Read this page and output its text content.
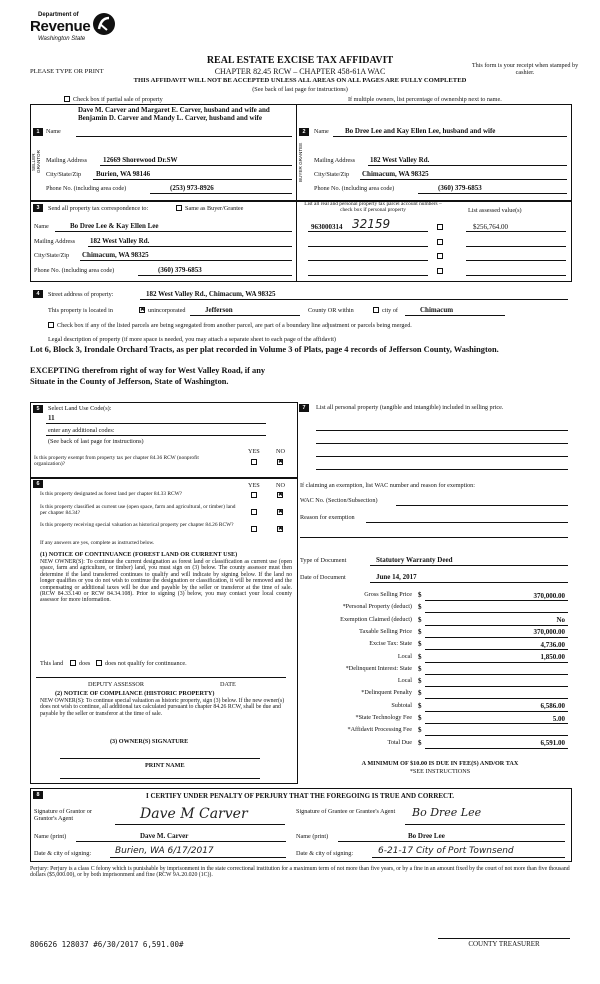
Department of
Revenue
Washington State
REAL ESTATE EXCISE TAX AFFIDAVIT
PLEASE TYPE OR PRINT	CHAPTER 82.45 RCW – CHAPTER 458-61A WAC
This form is your receipt when stamped by cashier.
THIS AFFIDAVIT WILL NOT BE ACCEPTED UNLESS ALL AREAS ON ALL PAGES ARE FULLY COMPLETED
(See back of last page for instructions)
Check box if partial sale of property	If multiple owners, list percentage of ownership next to name.
SELLER GRANTOR	BUYER GRANTEE
1
Dave M. Carver and Margaret E. Carver, husband and wife and Benjamin D. Carver and Mandy L. Carver, husband and wife
Name
Mailing Address 12669 Shorewood Dr.SW
City/State/Zip Burien, WA 98146
Phone No. (including area code)	(253) 973-8926
2	Name Bo Dree Lee and Kay Ellen Lee, husband and wife
Mailing Address 182 West Valley Rd.
City/State/Zip Chimacum, WA 98325
Phone No. (including area code)	(360) 379-6853
3	Send all property tax correspondence to:	Same as Buyer/Grantee
Name	Bo Dree Lee & Kay Ellen Lee
Mailing Address 182 West Valley Rd.
City/State/Zip Chimacum, WA 98325
Phone No. (including area code)	(360) 379-6853
List all real and personal property tax parcel account numbers – check box if personal property	List assessed value(s)
963000314 32159	$256,764.00
4	Street address of property:	182 West Valley Rd., Chimacum, WA 98325
This property is located in	✖ unincorporated	Jefferson	County OR within	city of	Chimacum
Check box if any of the listed parcels are being segregated from another parcel, are part of a boundary line adjustment or parcels being merged.
Legal description of property (if more space is needed, you may attach a separate sheet to each page of the affidavit)
Lot 6, Block 3, Irondale Orchard Tracts, as per plat recorded in Volume 3 of Plats, page 4 records of Jefferson County, Washington.
EXCEPTING therefrom right of way for West Valley Road, if any
Situate in the County of Jefferson, State of Washington.
5	Select Land Use Code(s):
11
enter any additional codes:
(See back of last page for instructions)
YES	NO
Is this property exempt from property tax per chapter 84.36 RCW (nonprofit organization)?	✖
7	List all personal property (tangible and intangible) included in selling price.
6	YES	NO
Is this property designated as forest land per chapter 84.33 RCW?	✖
Is this property classified as current use (open space, farm and agricultural, or timber) land per chapter 84.34?	✖
Is this property receiving special valuation as historical property per chapter 84.26 RCW?
✖
If any answers are yes, complete as instructed below.
(1) NOTICE OF CONTINUANCE (FOREST LAND OR CURRENT USE)
NEW OWNER(S): To continue the current designation as forest land or classification as current use (open space, farm and agriculture, or timber) land, you must sign on (3) below. The county assessor must then determine if the land transferred continues to qualify and will indicate by signing below. If the land no longer qualifies or you do not wish to continue the designation or classification, it will be removed and the compensating or additional taxes will be due and payable by the seller or transferor at the time of sale. (RCW 84.33.140 or RCW 84.34.108). Prior to signing (3) below, you may contact your local county assessor for more information.
This land	does does not qualify for continuance.
DEPUTY ASSESSOR	DATE
(2) NOTICE OF COMPLIANCE (HISTORIC PROPERTY)
NEW OWNER(S): To continue special valuation as historic property, sign (3) below. If the new owner(s) does not wish to continue, all additional tax calculated pursuant to chapter 84.26 RCW, shall be due and payable by the seller or transferor at the time of sale.
(3) OWNER(S) SIGNATURE
PRINT NAME
If claiming an exemption, list WAC number and reason for exemption:
WAC No. (Section/Subsection)
Reason for exemption
Type of Document	Statutory Warranty Deed
Date of Document	June 14, 2017
Gross Selling Price $	370,000.00
*Personal Property (deduct) $
Exemption Claimed (deduct) $	No
Taxable Selling Price $	370,000.00
Excise Tax: State $	4,736.00
Local $	1,850.00
*Delinquent Interest: State $
Local $
*Delinquent Penalty $
Subtotal $	6,586.00
*State Technology Fee $	5.00
*Affidavit Processing Fee $
Total Due $	6,591.00
A MINIMUM OF $10.00 IS DUE IN FEE(S) AND/OR TAX
*SEE INSTRUCTIONS
8	I CERTIFY UNDER PENALTY OF PERJURY THAT THE FOREGOING IS TRUE AND CORRECT.
Signature of Grantor or Grantor's Agent	Dave M Carver	Signature of Grantee or Grantee's Agent	Bo Dree Lee
Name (print)	Dave M. Carver	Name (print)	Bo Dree Lee
Date & city of signing:	Burien, WA 6/17/2017	Date & city of signing:	6-21-17 City of Port Townsend
Perjury: Perjury is a class C felony which is punishable by imprisonment in the state correctional institution for a maximum term of not more than five years, or by a fine in an amount fixed by the court of not more than five thousand dollars ($5,000.00), or by both imprisonment and fine (RCW 9A.20.020 (1C)).
COUNTY TREASURER
806626 128037 #6/30/2017 6,591.00#
